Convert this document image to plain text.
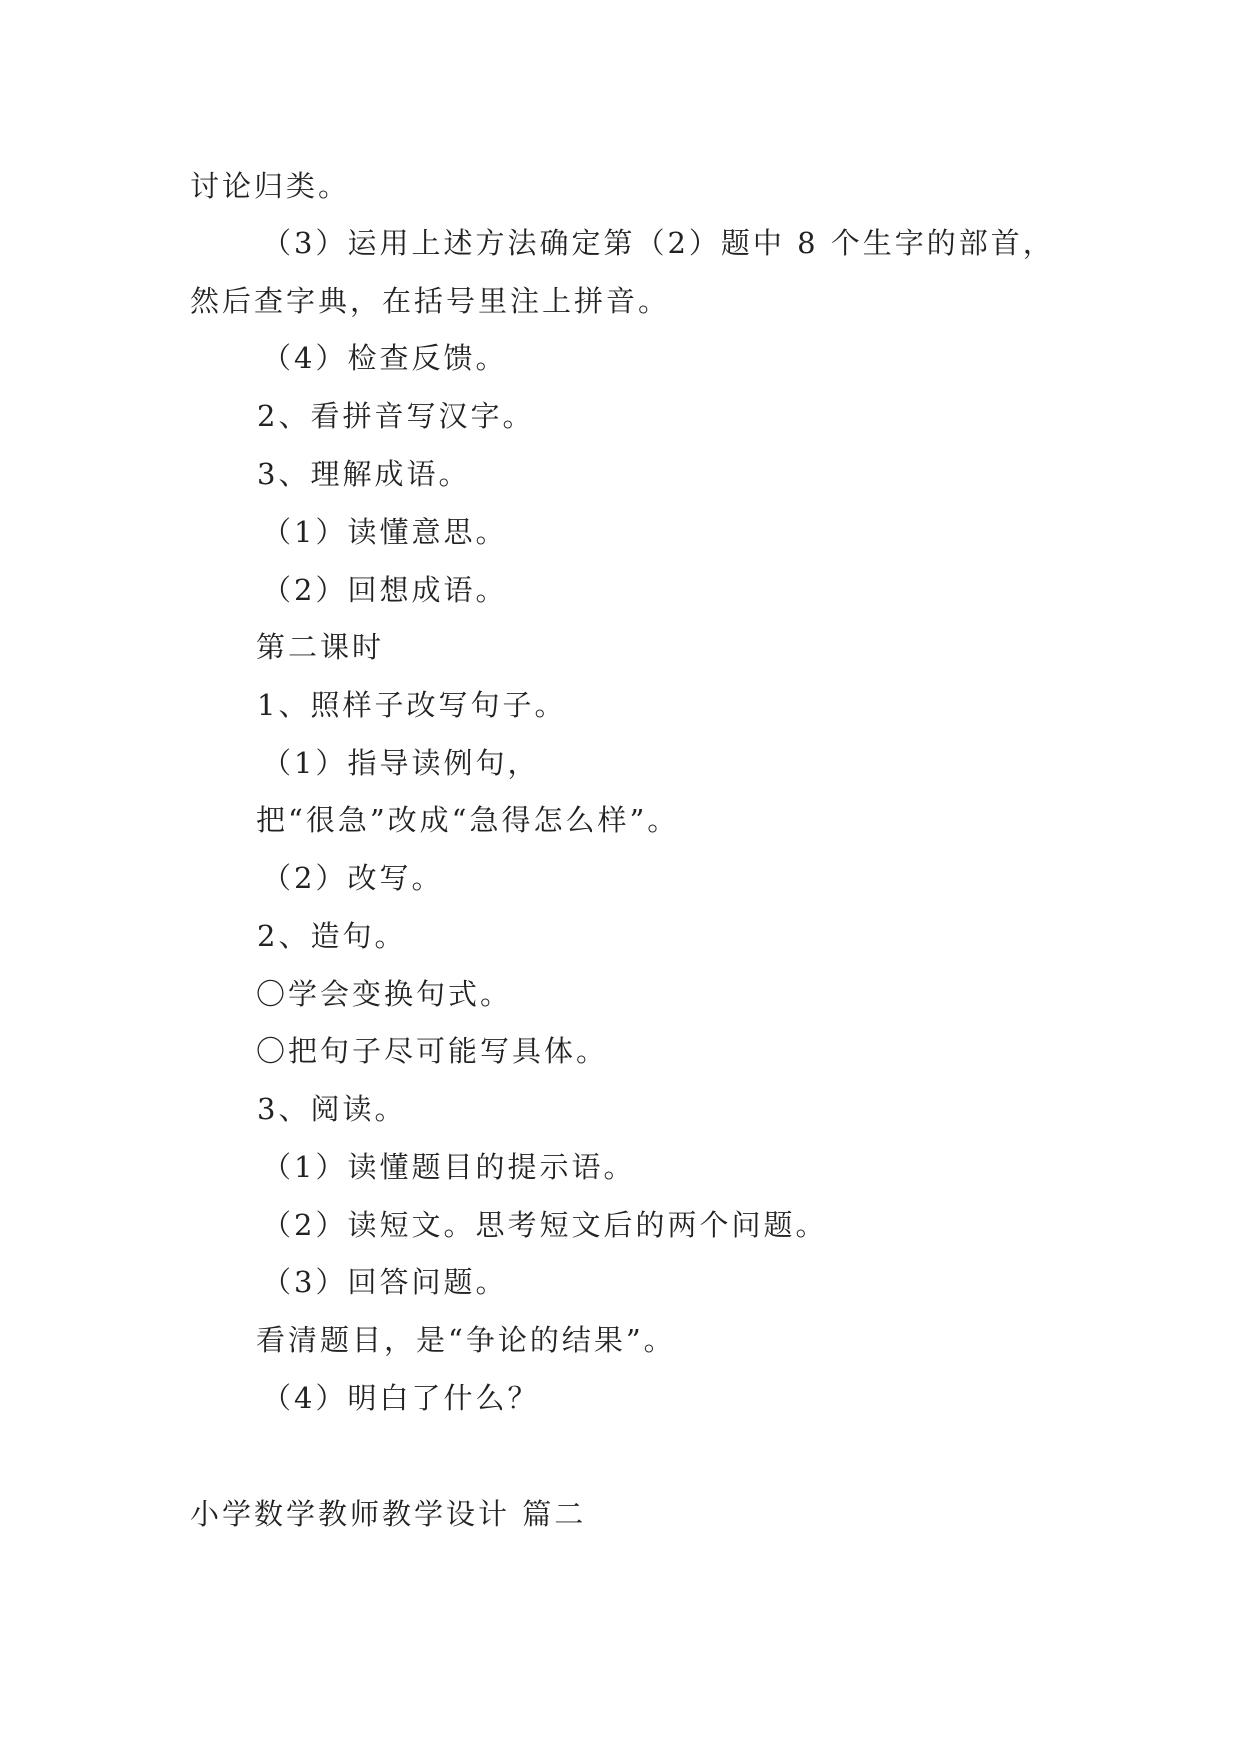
讨论归类。
（3）运用上述方法确定第（2）题中 8 个生字的部首，
然后查字典，在括号里注上拼音。
（4）检查反馈。
2、看拼音写汉字。
3、理解成语。
（1）读懂意思。
（2）回想成语。
第二课时
1、照样子改写句子。
（1）指导读例句，
把“很急”改成“急得怎么样”。
（2）改写。
2、造句。
〇学会变换句式。
〇把句子尽可能写具体。
3、阅读。
（1）读懂题目的提示语。
（2）读短文。思考短文后的两个问题。
（3）回答问题。
看清题目，是“争论的结果”。
（4）明白了什么？
小学数学教师教学设计 篇二
